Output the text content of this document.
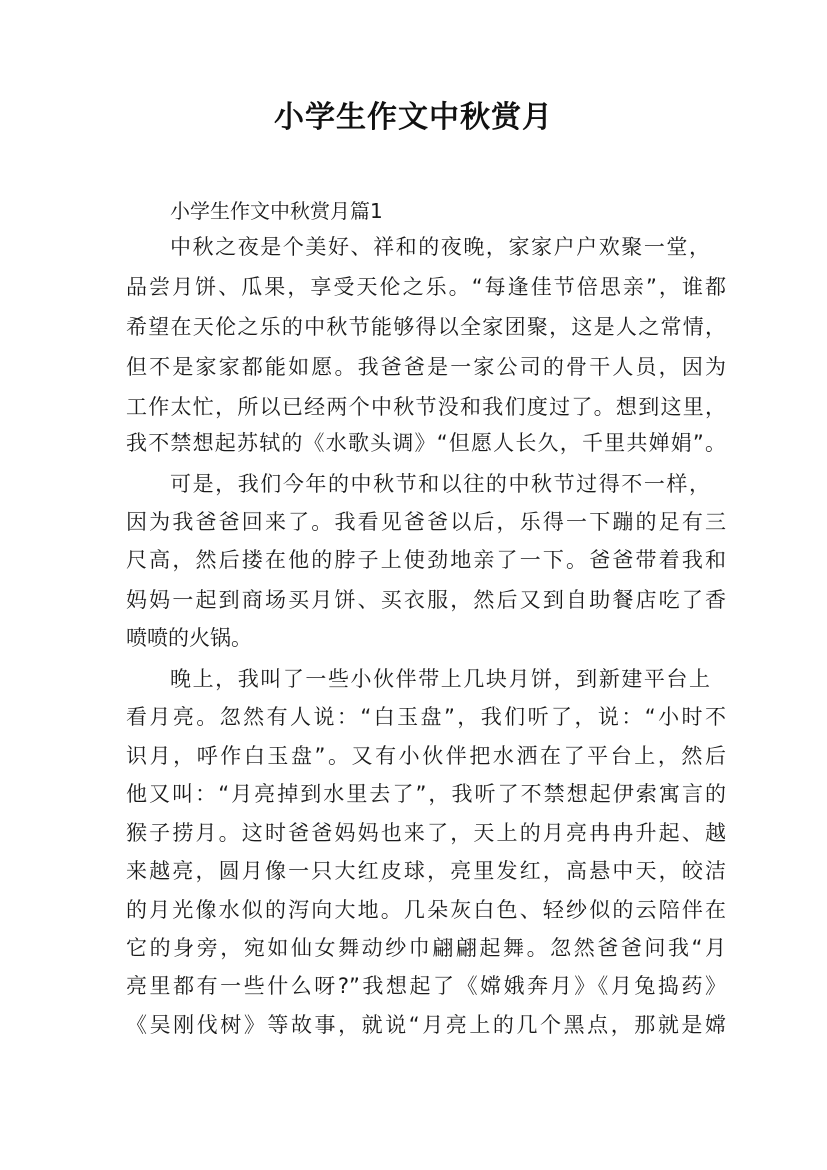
小学生作文中秋赏月

小学生作文中秋赏月篇1

中秋之夜是个美好、祥和的夜晚，家家户户欢聚一堂，
品尝月饼、瓜果，享受天伦之乐。“每逢佳节倍思亲”，谁都
希望在天伦之乐的中秋节能够得以全家团聚，这是人之常情，
但不是家家都能如愿。我爸爸是一家公司的骨干人员，因为
工作太忙，所以已经两个中秋节没和我们度过了。想到这里，
我不禁想起苏轼的《水歌头调》“但愿人长久，千里共婵娟”。
可是，我们今年的中秋节和以往的中秋节过得不一样，
因为我爸爸回来了。我看见爸爸以后，乐得一下蹦的足有三
尺高，然后搂在他的脖子上使劲地亲了一下。爸爸带着我和
妈妈一起到商场买月饼、买衣服，然后又到自助餐店吃了香
喷喷的火锅。
晚上，我叫了一些小伙伴带上几块月饼，到新建平台上
看月亮。忽然有人说：“白玉盘”，我们听了，说：“小时不
识月，呼作白玉盘”。又有小伙伴把水洒在了平台上，然后
他又叫：“月亮掉到水里去了”，我听了不禁想起伊索寓言的
猴子捞月。这时爸爸妈妈也来了，天上的月亮冉冉升起、越
来越亮，圆月像一只大红皮球，亮里发红，高悬中天，皎洁
的月光像水似的泻向大地。几朵灰白色、轻纱似的云陪伴在
它的身旁，宛如仙女舞动纱巾翩翩起舞。忽然爸爸问我“月
亮里都有一些什么呀?”我想起了《嫦娥奔月》《月兔捣药》
《吴刚伐树》等故事，就说“月亮上的几个黑点，那就是嫦
